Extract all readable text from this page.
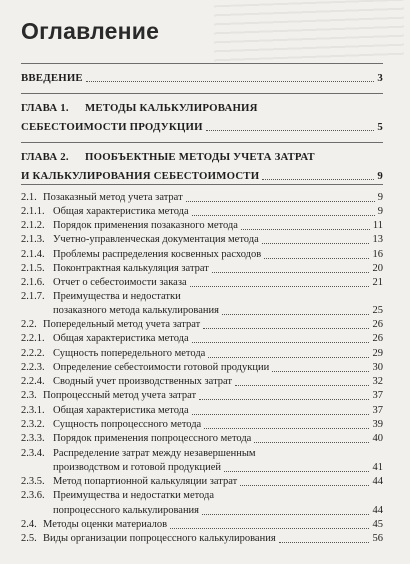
Оглавление
ВВЕДЕНИЕ	3
ГЛАВА 1. МЕТОДЫ КАЛЬКУЛИРОВАНИЯ
СЕБЕСТОИМОСТИ ПРОДУКЦИИ	5
ГЛАВА 2. ПООБЪЕКТНЫЕ МЕТОДЫ УЧЕТА ЗАТРАТ
И КАЛЬКУЛИРОВАНИЯ СЕБЕСТОИМОСТИ	9
2.1. Позаказный метод учета затрат	9
2.1.1. Общая характеристика метода	9
2.1.2. Порядок применения позаказного метода	11
2.1.3. Учетно-управленческая документация метода	13
2.1.4. Проблемы распределения косвенных расходов	16
2.1.5. Поконтрактная калькуляция затрат	20
2.1.6. Отчет о себестоимости заказа	21
2.1.7. Преимущества и недостатки
позаказного метода калькулирования	25
2.2. Попередельный метод учета затрат	26
2.2.1. Общая характеристика метода	26
2.2.2. Сущность попередельного метода	29
2.2.3. Определение себестоимости готовой продукции	30
2.2.4. Сводный учет производственных затрат	32
2.3. Попроцессный метод учета затрат	37
2.3.1. Общая характеристика метода	37
2.3.2. Сущность попроцессного метода	39
2.3.3. Порядок применения попроцессного метода	40
2.3.4. Распределение затрат между незавершенным
производством и готовой продукцией	41
2.3.5. Метод попартионной калькуляции затрат	44
2.3.6. Преимущества и недостатки метода
попроцессного калькулирования	44
2.4. Методы оценки материалов	45
2.5. Виды организации попроцессного калькулирования	56
